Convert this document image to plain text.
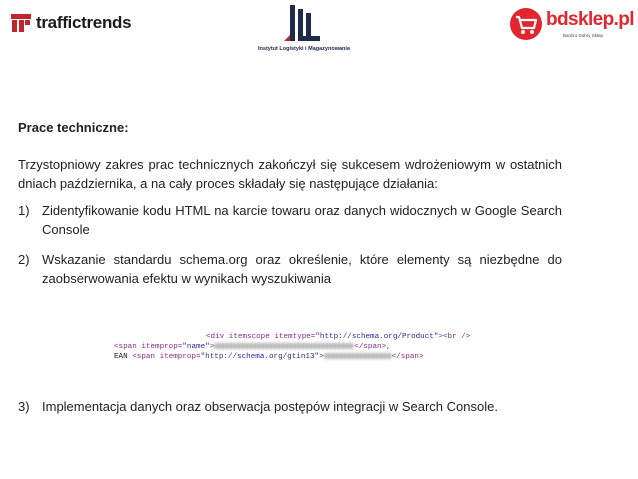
traffictrends
Instytut Logistyki i Magazynowania
bdsklep.pl
Bardzo Dobry Sklep

Prace techniczne:

Trzystopniowy zakres prac technicznych zakończył się sukcesem wdrożeniowym w ostatnich dniach października, a na cały proces składały się następujące działania:

1) Zidentyfikowanie kodu HTML na karcie towaru oraz danych widocznych w Google Search Console
2) Wskazanie standardu schema.org oraz określenie, które elementy są niezbędne do zaobserwowania efektu w wynikach wyszukiwania
<div itemscope itemtype="http://schema.org/Product"><br />
<span itemprop="name">	</span>,
EAN <span itemprop="http://schema.org/gtin13">	</span>
3) Implementacja danych oraz obserwacja postępów integracji w Search Console.
